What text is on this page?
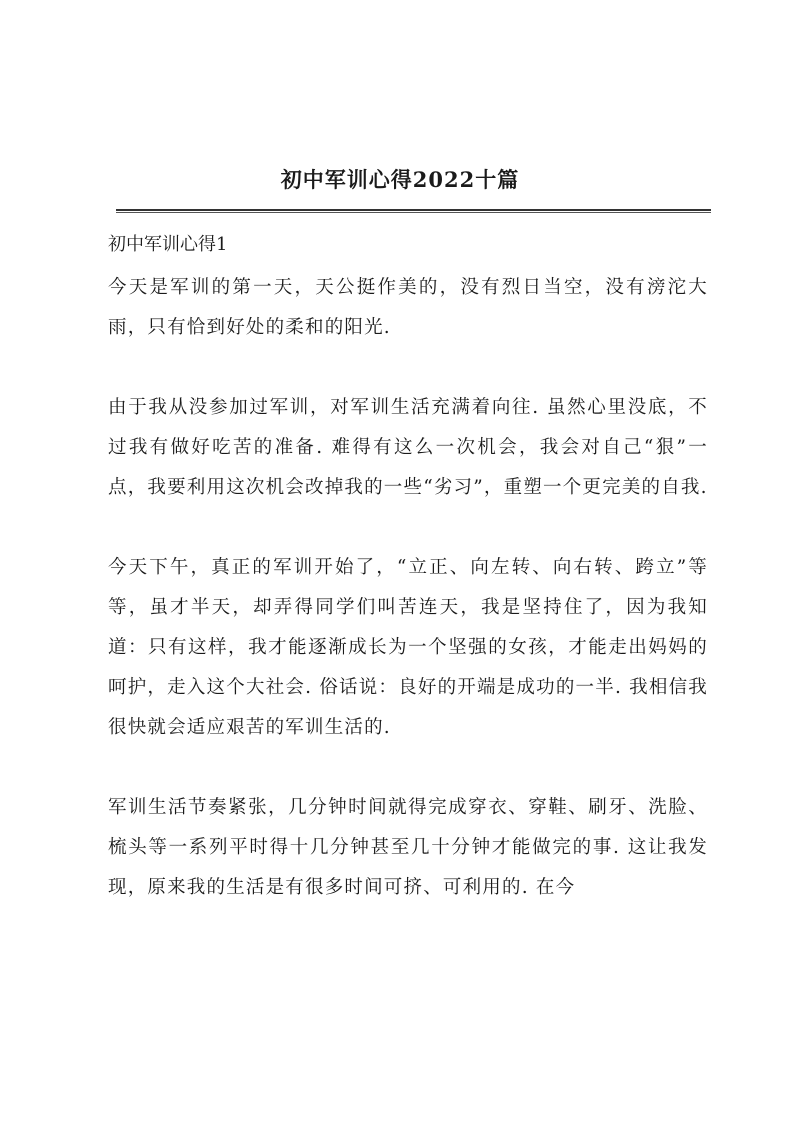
初中军训心得2022十篇
初中军训心得1

今天是军训的第一天，天公挺作美的，没有烈日当空，没有滂沱大雨，只有恰到好处的柔和的阳光.

由于我从没参加过军训，对军训生活充满着向往. 虽然心里没底，不过我有做好吃苦的准备. 难得有这么一次机会，我会对自己“狠”一点，我要利用这次机会改掉我的一些“劣习”，重塑一个更完美的自我.

今天下午，真正的军训开始了，“立正、向左转、向右转、跨立”等等，虽才半天，却弄得同学们叫苦连天，我是坚持住了，因为我知道：只有这样，我才能逐渐成长为一个坚强的女孩，才能走出妈妈的呵护，走入这个大社会. 俗话说：良好的开端是成功的一半. 我相信我很快就会适应艰苦的军训生活的.

军训生活节奏紧张，几分钟时间就得完成穿衣、穿鞋、刷牙、洗脸、梳头等一系列平时得十几分钟甚至几十分钟才能做完的事. 这让我发现，原来我的生活是有很多时间可挤、可利用的. 在今
